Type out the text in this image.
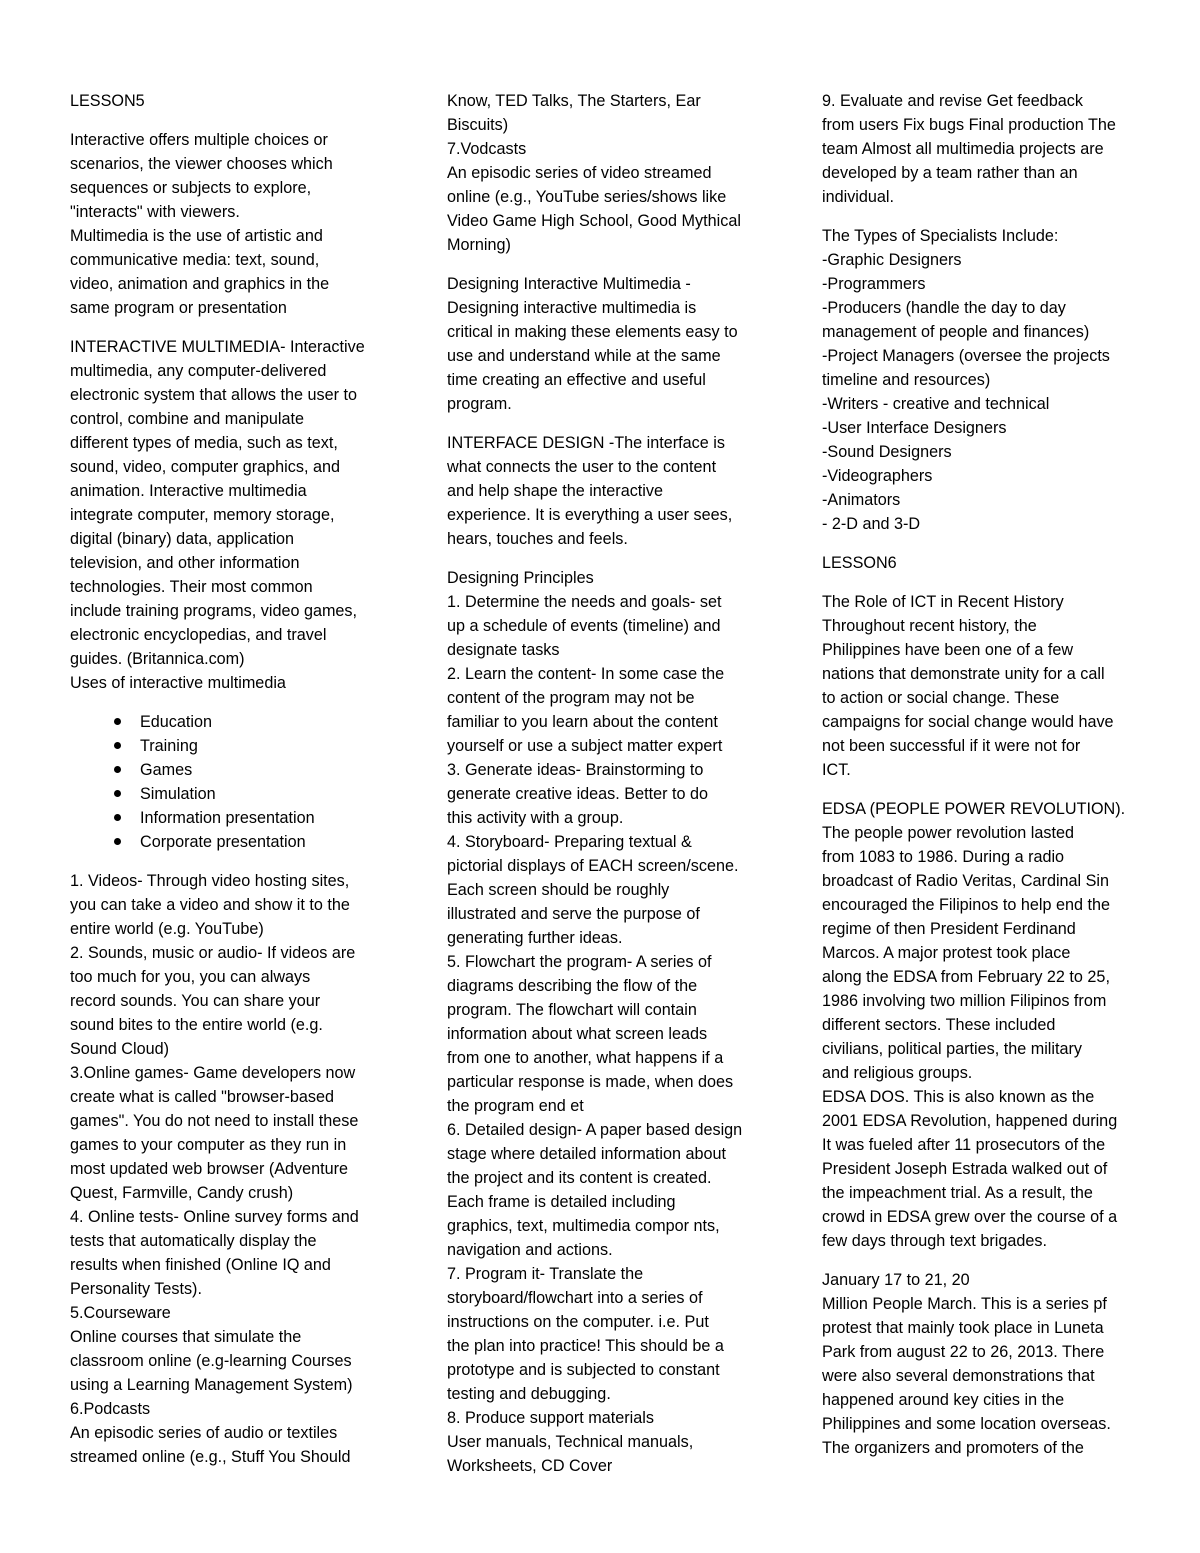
LESSON5
Interactive offers multiple choices or
scenarios, the viewer chooses which
sequences or subjects to explore,
"interacts" with viewers.
Multimedia is the use of artistic and
communicative media: text, sound,
video, animation and graphics in the
same program or presentation
INTERACTIVE MULTIMEDIA- Interactive
multimedia, any computer-delivered
electronic system that allows the user to
control, combine and manipulate
different types of media, such as text,
sound, video, computer graphics, and
animation. Interactive multimedia
integrate computer, memory storage,
digital (binary) data, application
television, and other information
technologies. Their most common
include training programs, video games,
electronic encyclopedias, and travel
guides. (Britannica.com)
Uses of interactive multimedia
Education
Training
Games
Simulation
Information presentation
Corporate presentation
1. Videos- Through video hosting sites,
you can take a video and show it to the
entire world (e.g. YouTube)
2. Sounds, music or audio- If videos are
too much for you, you can always
record sounds. You can share your
sound bites to the entire world (e.g.
Sound Cloud)
3.Online games- Game developers now
create what is called "browser-based
games". You do not need to install these
games to your computer as they run in
most updated web browser (Adventure
Quest, Farmville, Candy crush)
4. Online tests- Online survey forms and
tests that automatically display the
results when finished (Online IQ and
Personality Tests).
5.Courseware
Online courses that simulate the
classroom online (e.g-learning Courses
using a Learning Management System)
6.Podcasts
An episodic series of audio or textiles
streamed online (e.g., Stuff You Should
Know, TED Talks, The Starters, Ear
Biscuits)
7.Vodcasts
An episodic series of video streamed
online (e.g., YouTube series/shows like
Video Game High School, Good Mythical
Morning)
Designing Interactive Multimedia -
Designing interactive multimedia is
critical in making these elements easy to
use and understand while at the same
time creating an effective and useful
program.
INTERFACE DESIGN -The interface is
what connects the user to the content
and help shape the interactive
experience. It is everything a user sees,
hears, touches and feels.
Designing Principles
1. Determine the needs and goals- set
up a schedule of events (timeline) and
designate tasks
2. Learn the content- In some case the
content of the program may not be
familiar to you learn about the content
yourself or use a subject matter expert
3. Generate ideas- Brainstorming to
generate creative ideas. Better to do
this activity with a group.
4. Storyboard- Preparing textual &
pictorial displays of EACH screen/scene.
Each screen should be roughly
illustrated and serve the purpose of
generating further ideas.
5. Flowchart the program- A series of
diagrams describing the flow of the
program. The flowchart will contain
information about what screen leads
from one to another, what happens if a
particular response is made, when does
the program end et
6. Detailed design- A paper based design
stage where detailed information about
the project and its content is created.
Each frame is detailed including
graphics, text, multimedia compor nts,
navigation and actions.
7. Program it- Translate the
storyboard/flowchart into a series of
instructions on the computer. i.e. Put
the plan into practice! This should be a
prototype and is subjected to constant
testing and debugging.
8. Produce support materials
User manuals, Technical manuals,
Worksheets, CD Cover
9. Evaluate and revise Get feedback
from users Fix bugs Final production The
team Almost all multimedia projects are
developed by a team rather than an
individual.
The Types of Specialists Include:
-Graphic Designers
-Programmers
-Producers (handle the day to day
management of people and finances)
-Project Managers (oversee the projects
timeline and resources)
-Writers - creative and technical
-User Interface Designers
-Sound Designers
-Videographers
-Animators
- 2-D and 3-D
LESSON6
The Role of ICT in Recent History
Throughout recent history, the
Philippines have been one of a few
nations that demonstrate unity for a call
to action or social change. These
campaigns for social change would have
not been successful if it were not for
ICT.
EDSA (PEOPLE POWER REVOLUTION).
The people power revolution lasted
from 1083 to 1986. During a radio
broadcast of Radio Veritas, Cardinal Sin
encouraged the Filipinos to help end the
regime of then President Ferdinand
Marcos. A major protest took place
along the EDSA from February 22 to 25,
1986 involving two million Filipinos from
different sectors. These included
civilians, political parties, the military
and religious groups.
EDSA DOS. This is also known as the
2001 EDSA Revolution, happened during
It was fueled after 11 prosecutors of the
President Joseph Estrada walked out of
the impeachment trial. As a result, the
crowd in EDSA grew over the course of a
few days through text brigades.
January 17 to 21, 20
Million People March. This is a series pf
protest that mainly took place in Luneta
Park from august 22 to 26, 2013. There
were also several demonstrations that
happened around key cities in the
Philippines and some location overseas.
The organizers and promoters of the
